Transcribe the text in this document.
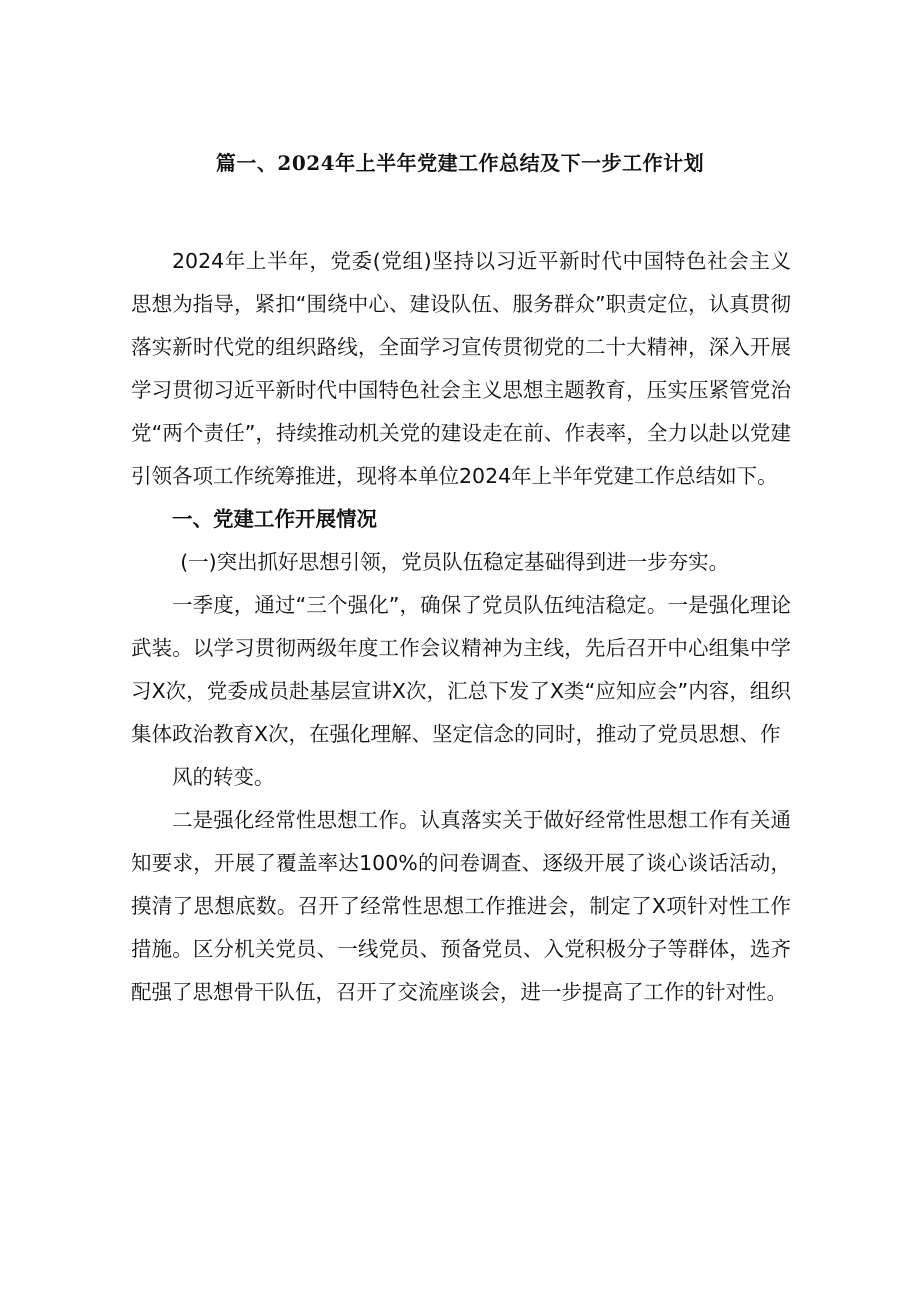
篇一、2024年上半年党建工作总结及下一步工作计划

2024年上半年，党委(党组)坚持以习近平新时代中国特色社会主义思想为指导，紧扣“围绕中心、建设队伍、服务群众”职责定位，认真贯彻落实新时代党的组织路线，全面学习宣传贯彻党的二十大精神，深入开展学习贯彻习近平新时代中国特色社会主义思想主题教育，压实压紧管党治党“两个责任”，持续推动机关党的建设走在前、作表率，全力以赴以党建引领各项工作统筹推进，现将本单位2024年上半年党建工作总结如下。

一、党建工作开展情况

(一)突出抓好思想引领，党员队伍稳定基础得到进一步夯实。

一季度，通过“三个强化”，确保了党员队伍纯洁稳定。一是强化理论武装。以学习贯彻两级年度工作会议精神为主线，先后召开中心组集中学习X次，党委成员赴基层宣讲X次，汇总下发了X类“应知应会”内容，组织集体政治教育X次，在强化理解、坚定信念的同时，推动了党员思想、作

风的转变。

二是强化经常性思想工作。认真落实关于做好经常性思想工作有关通知要求，开展了覆盖率达100%的问卷调查、逐级开展了谈心谈话活动，摸清了思想底数。召开了经常性思想工作推进会，制定了X项针对性工作措施。区分机关党员、一线党员、预备党员、入党积极分子等群体，选齐配强了思想骨干队伍，召开了交流座谈会，进一步提高了工作的针对性。
